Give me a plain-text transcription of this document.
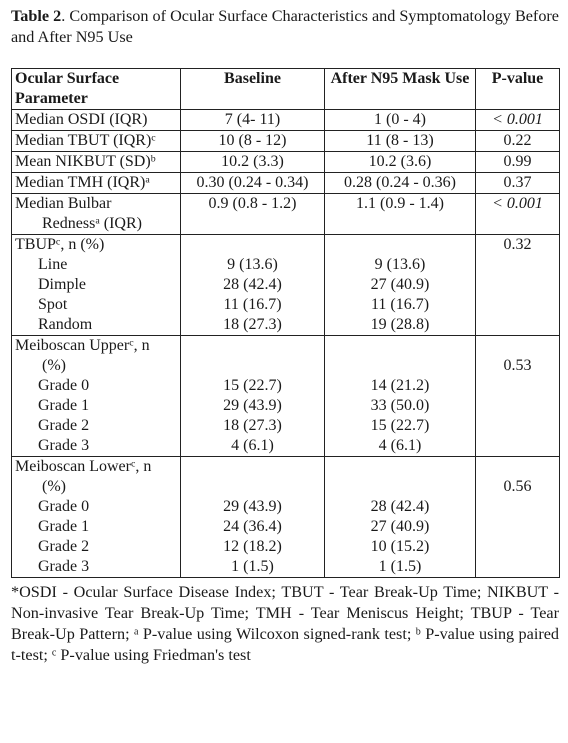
Table 2. Comparison of Ocular Surface Characteristics and Symptomatology Before and After N95 Use

Ocular Surface Parameter	Baseline	After N95 Mask Use	P-value
Median OSDI (IQR)	7 (4- 11)	1 (0 - 4)	< 0.001
Median TBUT (IQR)$^c$	10 (8 - 12)	11 (8 - 13)	0.22
Mean NIKBUT (SD)$^b$	10.2 (3.3)	10.2 (3.6)	0.99
Median TMH (IQR)$^a$	0.30 (0.24 - 0.34)	0.28 (0.24 - 0.36)	0.37
Median Bulbar
Redness$^a$ (IQR)	0.9 (0.8 - 1.2)	1.1 (0.9 - 1.4)	< 0.001
TBUP$^c$, n (%)			0.32
Line	9 (13.6)	9 (13.6)	
Dimple	28 (42.4)	27 (40.9)	
Spot	11 (16.7)	11 (16.7)	
Random	18 (27.3)	19 (28.8)	
Meiboscan Upper$^c$, n
(%)			0.53
Grade 0	15 (22.7)	14 (21.2)	
Grade 1	29 (43.9)	33 (50.0)	
Grade 2	18 (27.3)	15 (22.7)	
Grade 3	4 (6.1)	4 (6.1)	
Meiboscan Lower$^c$, n
(%)			0.56
Grade 0	29 (43.9)	28 (42.4)	
Grade 1	24 (36.4)	27 (40.9)	
Grade 2	12 (18.2)	10 (15.2)	
Grade 3	1 (1.5)	1 (1.5)	

*OSDI - Ocular Surface Disease Index; TBUT - Tear Break-Up Time; NIKBUT - Non-invasive Tear Break-Up Time; TMH - Tear Meniscus Height; TBUP - Tear Break-Up Pattern; $^a$ P-value using Wilcoxon signed-rank test; $^b$ P-value using paired t-test; $^c$ P-value using Friedman's test
